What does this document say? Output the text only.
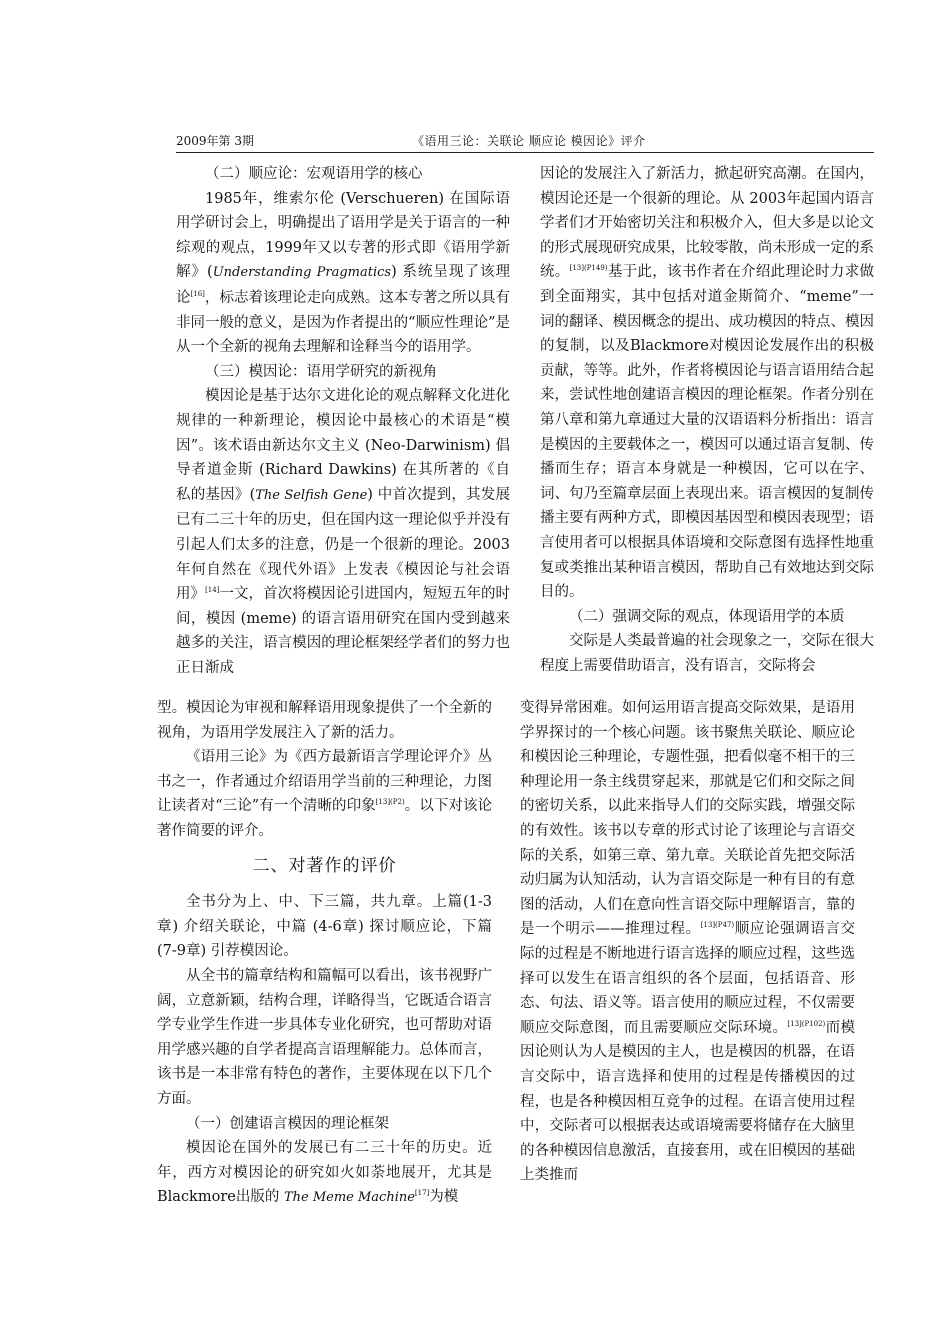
2009年第 3期	《语用三论：关联论 顺应论 模因论》评介

（二）顺应论：宏观语用学的核心

1985年，维索尔伦 (Verschueren) 在国际语用学研讨会上，明确提出了语用学是关于语言的一种综观的观点，1999年又以专著的形式即《语用学新解》(Understanding Pragmatics) 系统呈现了该理论[16]，标志着该理论走向成熟。这本专著之所以具有非同一般的意义，是因为作者提出的“顺应性理论”是从一个全新的视角去理解和诠释当今的语用学。

（三）模因论：语用学研究的新视角

模因论是基于达尔文进化论的观点解释文化进化规律的一种新理论，模因论中最核心的术语是“模因”。该术语由新达尔文主义 (Neo-Darwinism) 倡导者道金斯 (Richard Dawkins) 在其所著的《自私的基因》(The Selfish Gene) 中首次提到，其发展已有二三十年的历史，但在国内这一理论似乎并没有引起人们太多的注意，仍是一个很新的理论。2003年何自然在《现代外语》上发表《模因论与社会语用》[14]一文，首次将模因论引进国内，短短五年的时间，模因 (meme) 的语言语用研究在国内受到越来越多的关注，语言模因的理论框架经学者们的努力也正日渐成

因论的发展注入了新活力，掀起研究高潮。在国内，模因论还是一个很新的理论。从 2003年起国内语言学者们才开始密切关注和积极介入，但大多是以论文的形式展现研究成果，比较零散，尚未形成一定的系统。$^{[13](P149)}$基于此，该书作者在介绍此理论时力求做到全面翔实，其中包括对道金斯简介、“meme”一词的翻译、模因概念的提出、成功模因的特点、模因的复制，以及Blackmore对模因论发展作出的积极贡献，等等。此外，作者将模因论与语言语用结合起来，尝试性地创建语言模因的理论框架。作者分别在第八章和第九章通过大量的汉语语料分析指出：语言是模因的主要载体之一，模因可以通过语言复制、传播而生存；语言本身就是一种模因，它可以在字、词、句乃至篇章层面上表现出来。语言模因的复制传播主要有两种方式，即模因基因型和模因表现型；语言使用者可以根据具体语境和交际意图有选择性地重复或类推出某种语言模因，帮助自己有效地达到交际目的。

（二）强调交际的观点，体现语用学的本质

交际是人类最普遍的社会现象之一，交际在很大程度上需要借助语言，没有语言，交际将会

型。模因论为审视和解释语用现象提供了一个全新的视角，为语用学发展注入了新的活力。

《语用三论》为《西方最新语言学理论评介》丛书之一，作者通过介绍语用学当前的三种理论，力图让读者对“三论”有一个清晰的印象$^{[13](P2)}$。以下对该论著作简要的评介。

二、对著作的评价

全书分为上、中、下三篇，共九章。上篇(1-3章) 介绍关联论，中篇 (4-6章) 探讨顺应论，下篇 (7-9章) 引荐模因论。

从全书的篇章结构和篇幅可以看出，该书视野广阔，立意新颖，结构合理，详略得当，它既适合语言学专业学生作进一步具体专业化研究，也可帮助对语用学感兴趣的自学者提高言语理解能力。总体而言，该书是一本非常有特色的著作，主要体现在以下几个方面。

（一）创建语言模因的理论框架

模因论在国外的发展已有二三十年的历史。近年，西方对模因论的研究如火如荼地展开，尤其是 Blackmore出版的 The Meme Machine[17]为模

变得异常困难。如何运用语言提高交际效果，是语用学界探讨的一个核心问题。该书聚焦关联论、顺应论和模因论三种理论，专题性强，把看似毫不相干的三种理论用一条主线贯穿起来，那就是它们和交际之间的密切关系，以此来指导人们的交际实践，增强交际的有效性。该书以专章的形式讨论了该理论与言语交际的关系，如第三章、第九章。关联论首先把交际活动归属为认知活动，认为言语交际是一种有目的有意图的活动，人们在意向性言语交际中理解语言，靠的是一个明示——推理过程。$^{[13](P47)}$顺应论强调语言交际的过程是不断地进行语言选择的顺应过程，这些选择可以发生在语言组织的各个层面，包括语音、形态、句法、语义等。语言使用的顺应过程，不仅需要顺应交际意图，而且需要顺应交际环境。$^{[13](P102)}$而模因论则认为人是模因的主人，也是模因的机器，在语言交际中，语言选择和使用的过程是传播模因的过程，也是各种模因相互竞争的过程。在语言使用过程中，交际者可以根据表达或语境需要将储存在大脑里的各种模因信息激活，直接套用，或在旧模因的基础上类推而
